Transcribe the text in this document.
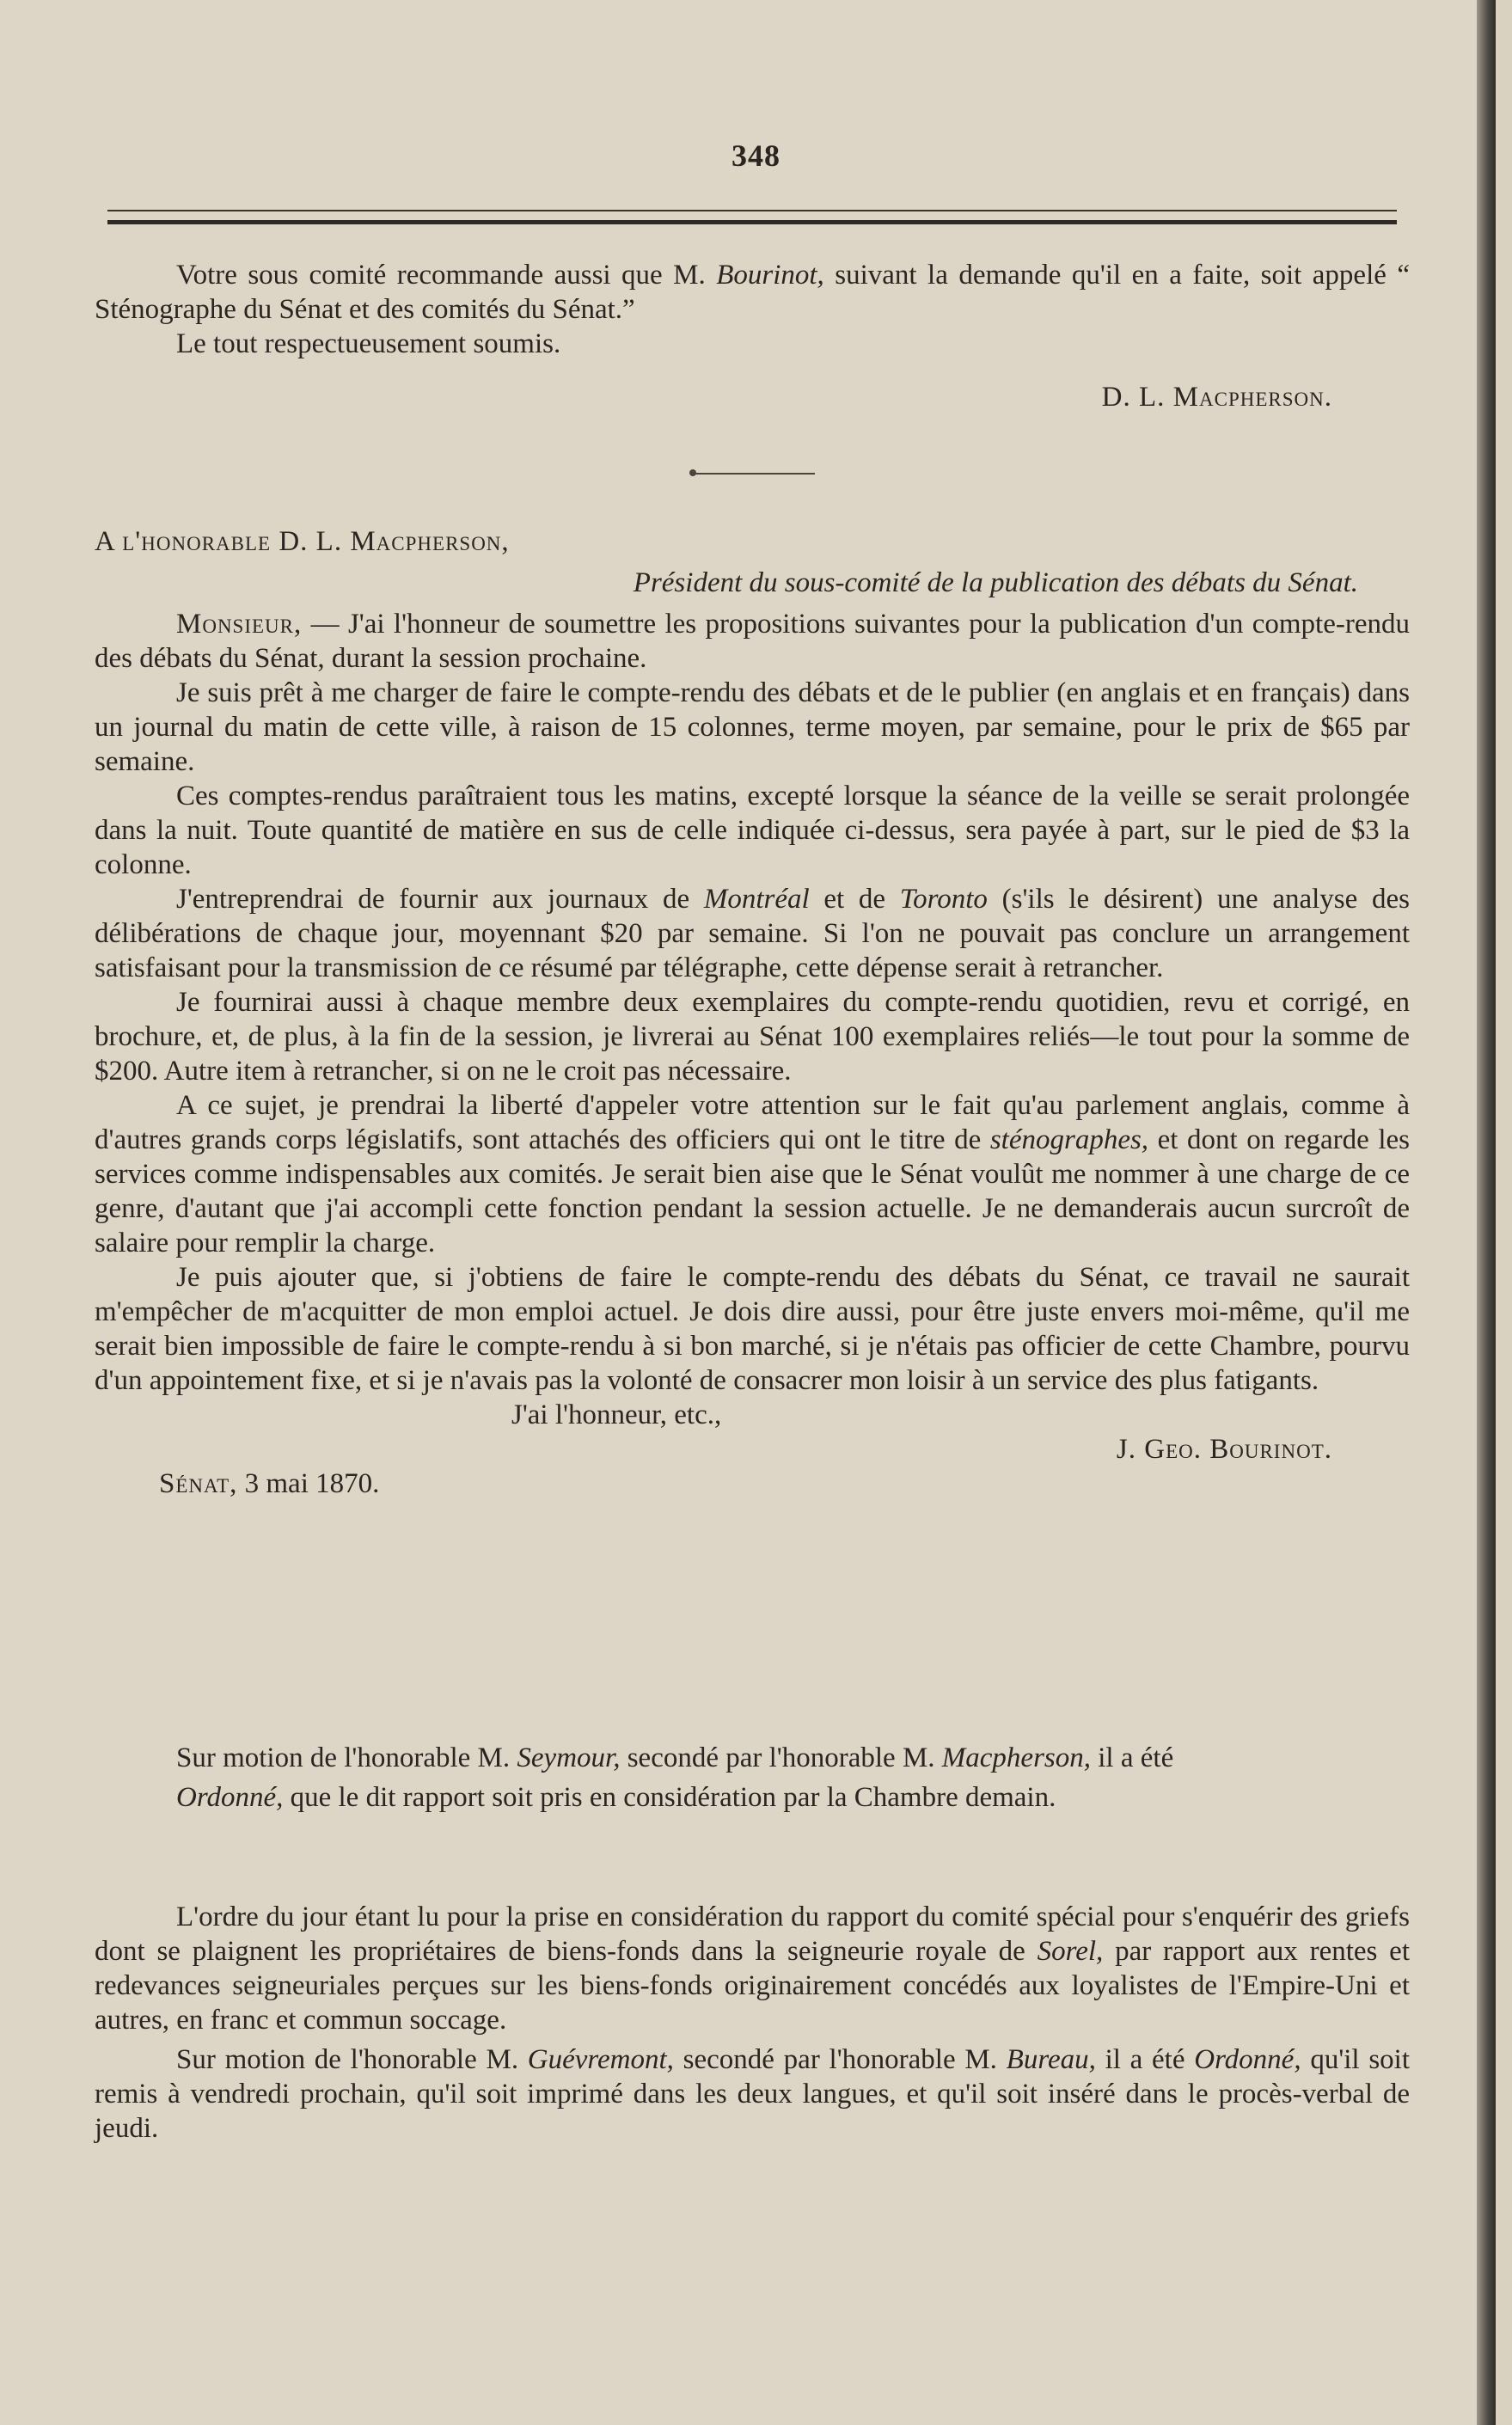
348

Votre sous comité recommande aussi que M. Bourinot, suivant la demande qu'il en a faite, soit appelé “ Sténographe du Sénat et des comités du Sénat.”

Le tout respectueusement soumis.

D. L. Macpherson.

A l'honorable D. L. Macpherson,

Président du sous-comité de la publication des débats du Sénat.

Monsieur, — J'ai l'honneur de soumettre les propositions suivantes pour la publication d'un compte-rendu des débats du Sénat, durant la session prochaine.

Je suis prêt à me charger de faire le compte-rendu des débats et de le publier (en anglais et en français) dans un journal du matin de cette ville, à raison de 15 colonnes, terme moyen, par semaine, pour le prix de $65 par semaine.

Ces comptes-rendus paraîtraient tous les matins, excepté lorsque la séance de la veille se serait prolongée dans la nuit. Toute quantité de matière en sus de celle indiquée ci-dessus, sera payée à part, sur le pied de $3 la colonne.

J'entreprendrai de fournir aux journaux de Montréal et de Toronto (s'ils le désirent) une analyse des délibérations de chaque jour, moyennant $20 par semaine. Si l'on ne pouvait pas conclure un arrangement satisfaisant pour la transmission de ce résumé par télégraphe, cette dépense serait à retrancher.

Je fournirai aussi à chaque membre deux exemplaires du compte-rendu quotidien, revu et corrigé, en brochure, et, de plus, à la fin de la session, je livrerai au Sénat 100 exemplaires reliés—le tout pour la somme de $200. Autre item à retrancher, si on ne le croit pas nécessaire.

A ce sujet, je prendrai la liberté d'appeler votre attention sur le fait qu'au parlement anglais, comme à d'autres grands corps législatifs, sont attachés des officiers qui ont le titre de sténographes, et dont on regarde les services comme indispensables aux comités. Je serait bien aise que le Sénat voulût me nommer à une charge de ce genre, d'autant que j'ai accompli cette fonction pendant la session actuelle. Je ne demanderais aucun surcroît de salaire pour remplir la charge.

Je puis ajouter que, si j'obtiens de faire le compte-rendu des débats du Sénat, ce travail ne saurait m'empêcher de m'acquitter de mon emploi actuel. Je dois dire aussi, pour être juste envers moi-même, qu'il me serait bien impossible de faire le compte-rendu à si bon marché, si je n'étais pas officier de cette Chambre, pourvu d'un appointement fixe, et si je n'avais pas la volonté de consacrer mon loisir à un service des plus fatigants.

J'ai l'honneur, etc.,

J. Geo. Bourinot.

Sénat, 3 mai 1870.

Sur motion de l'honorable M. Seymour, secondé par l'honorable M. Macpherson, il a été

Ordonné, que le dit rapport soit pris en considération par la Chambre demain.

L'ordre du jour étant lu pour la prise en considération du rapport du comité spécial pour s'enquérir des griefs dont se plaignent les propriétaires de biens-fonds dans la seigneurie royale de Sorel, par rapport aux rentes et redevances seigneuriales perçues sur les biens-fonds originairement concédés aux loyalistes de l'Empire-Uni et autres, en franc et commun soccage.

Sur motion de l'honorable M. Guévremont, secondé par l'honorable M. Bureau, il a été Ordonné, qu'il soit remis à vendredi prochain, qu'il soit imprimé dans les deux langues, et qu'il soit inséré dans le procès-verbal de jeudi.
